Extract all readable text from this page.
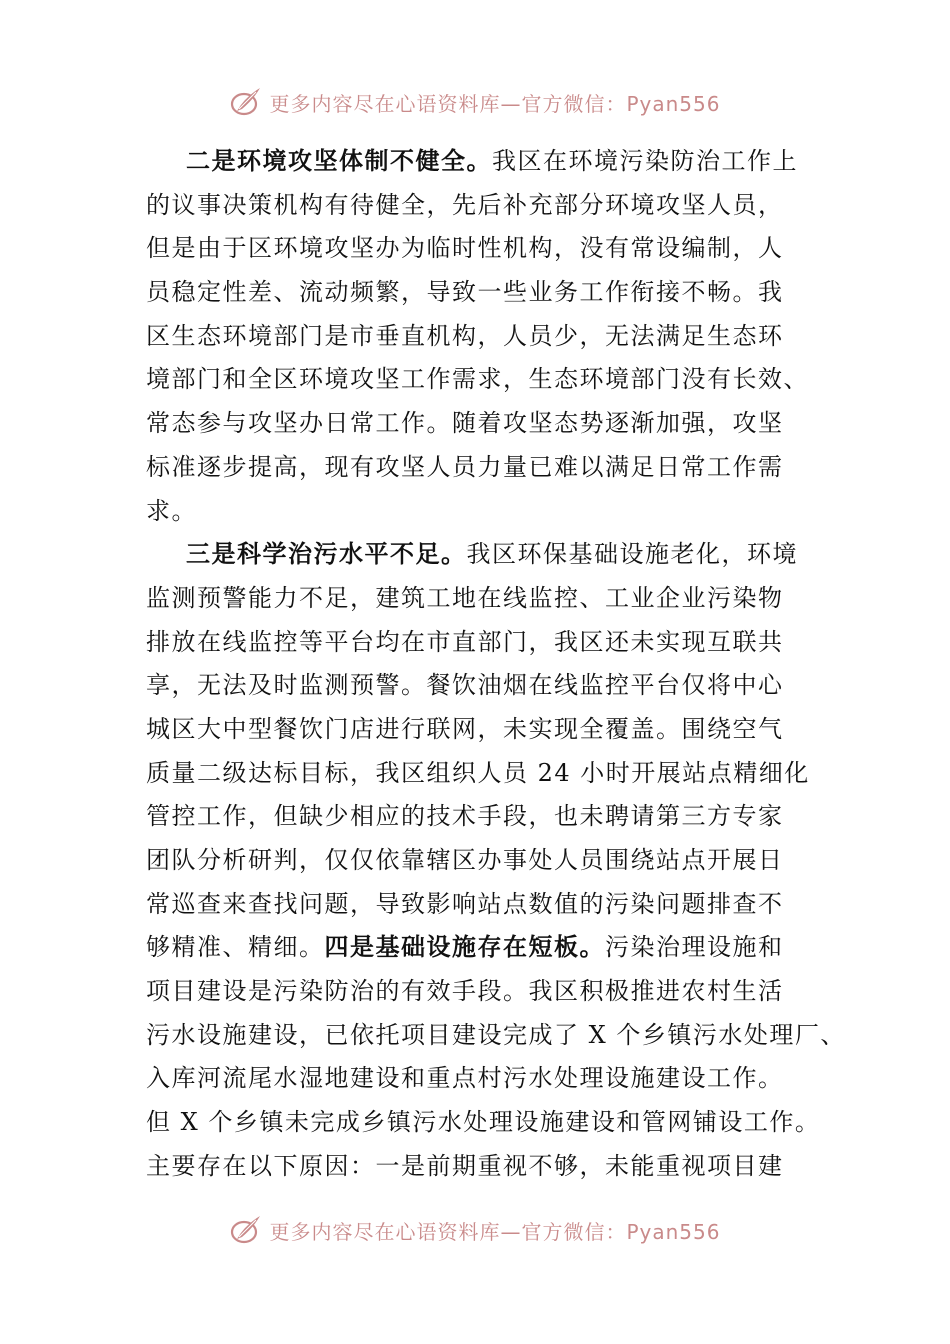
更多内容尽在心语资料库—官方微信：Pyan556
二是环境攻坚体制不健全。我区在环境污染防治工作上
的议事决策机构有待健全，先后补充部分环境攻坚人员，
但是由于区环境攻坚办为临时性机构，没有常设编制，人
员稳定性差、流动频繁，导致一些业务工作衔接不畅。我
区生态环境部门是市垂直机构，人员少，无法满足生态环
境部门和全区环境攻坚工作需求，生态环境部门没有长效、
常态参与攻坚办日常工作。随着攻坚态势逐渐加强，攻坚
标准逐步提高，现有攻坚人员力量已难以满足日常工作需
求。
三是科学治污水平不足。我区环保基础设施老化，环境
监测预警能力不足，建筑工地在线监控、工业企业污染物
排放在线监控等平台均在市直部门，我区还未实现互联共
享，无法及时监测预警。餐饮油烟在线监控平台仅将中心
城区大中型餐饮门店进行联网，未实现全覆盖。围绕空气
质量二级达标目标，我区组织人员 24 小时开展站点精细化
管控工作，但缺少相应的技术手段，也未聘请第三方专家
团队分析研判，仅仅依靠辖区办事处人员围绕站点开展日
常巡查来查找问题，导致影响站点数值的污染问题排查不
够精准、精细。四是基础设施存在短板。污染治理设施和
项目建设是污染防治的有效手段。我区积极推进农村生活
污水设施建设，已依托项目建设完成了 X 个乡镇污水处理厂、
入库河流尾水湿地建设和重点村污水处理设施建设工作。
但 X 个乡镇未完成乡镇污水处理设施建设和管网铺设工作。
主要存在以下原因：一是前期重视不够，未能重视项目建
更多内容尽在心语资料库—官方微信：Pyan556
